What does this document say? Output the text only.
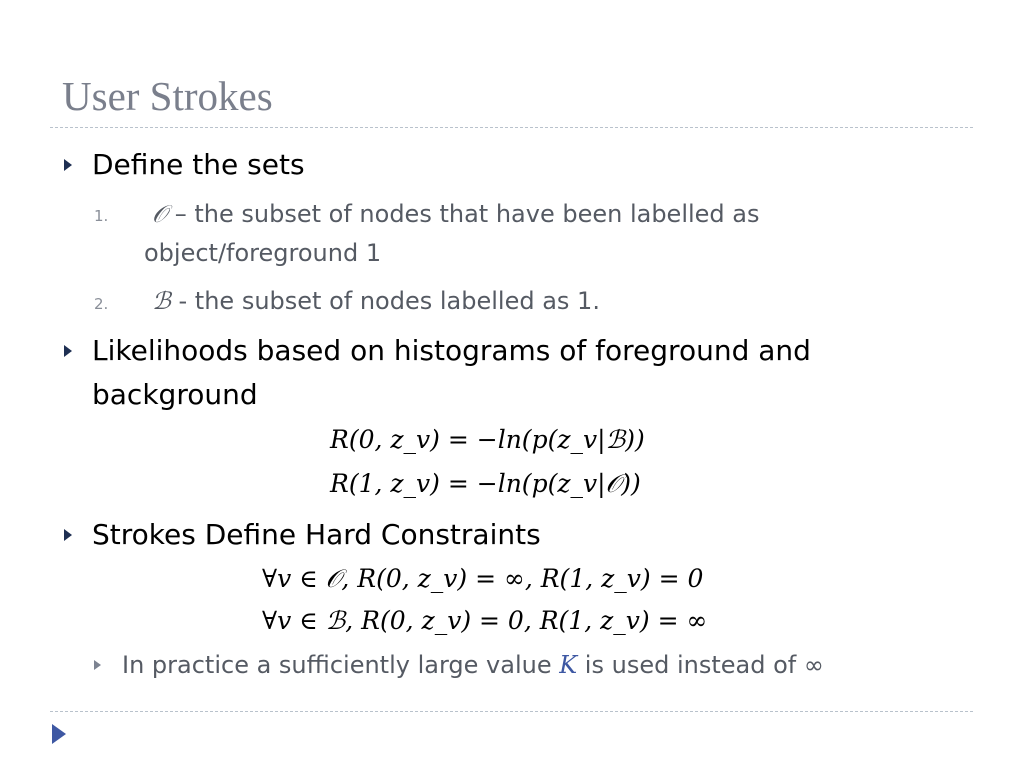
User Strokes
Define the sets
1. 𝒪 – the subset of nodes that have been labelled as
object/foreground 1
2. ℬ - the subset of nodes labelled as 1.
Likelihoods based on histograms of foreground and
background
R(0, z_v) = −ln(p(z_v|ℬ))
R(1, z_v) = −ln(p(z_v|𝒪))
Strokes Define Hard Constraints
∀v ∈ 𝒪, R(0, z_v) = ∞, R(1, z_v) = 0
∀v ∈ ℬ, R(0, z_v) = 0, R(1, z_v) = ∞
In practice a sufficiently large value K is used instead of ∞
